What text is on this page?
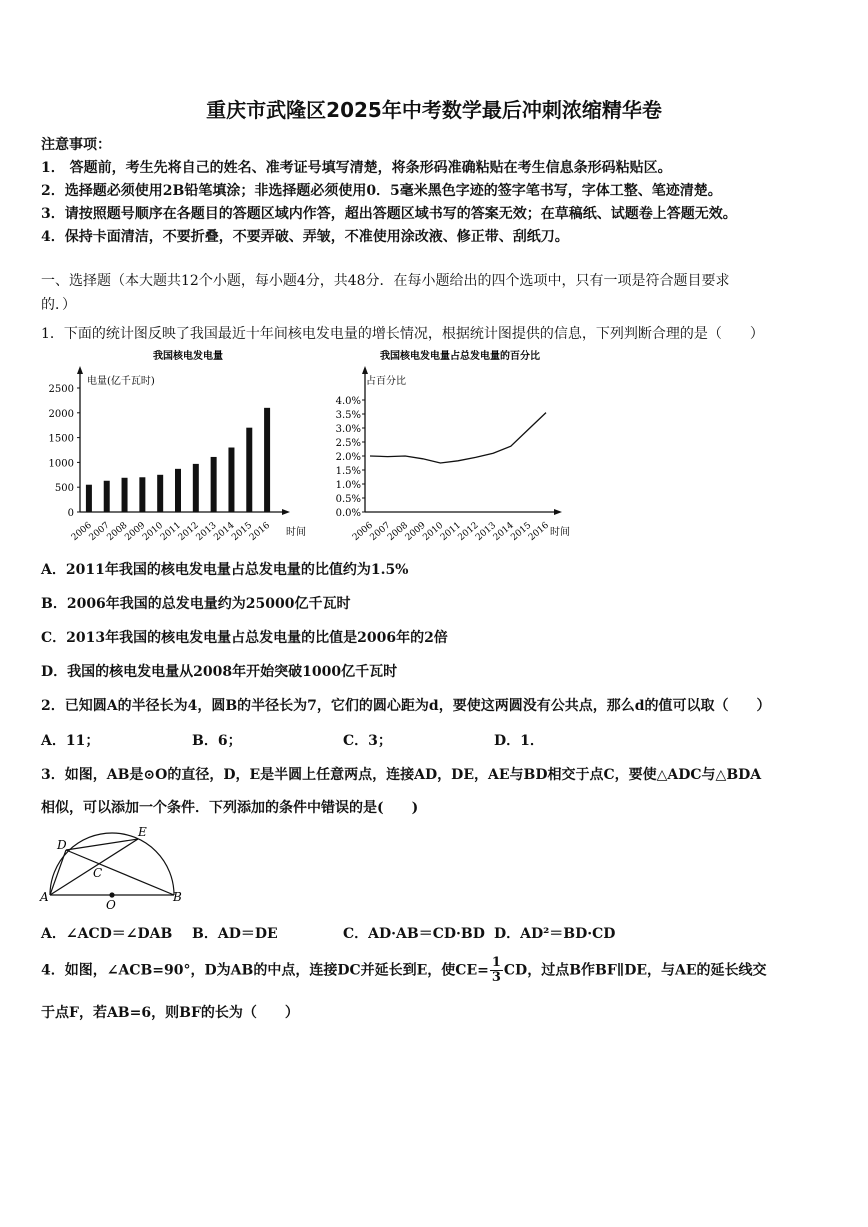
重庆市武隆区2025年中考数学最后冲刺浓缩精华卷
注意事项：
1． 答题前，考生先将自己的姓名、准考证号填写清楚，将条形码准确粘贴在考生信息条形码粘贴区。
2．选择题必须使用2B铅笔填涂；非选择题必须使用0．5毫米黑色字迹的签字笔书写，字体工整、笔迹清楚。
3．请按照题号顺序在各题目的答题区域内作答，超出答题区域书写的答案无效；在草稿纸、试题卷上答题无效。
4．保持卡面清洁，不要折叠，不要弄破、弄皱，不准使用涂改液、修正带、刮纸刀。
一、选择题（本大题共12个小题，每小题4分，共48分．在每小题给出的四个选项中，只有一项是符合题目要求
的．）
1．下面的统计图反映了我国最近十年间核电发电量的增长情况，根据统计图提供的信息，下列判断合理的是（　　）
我国核电发电量
电量(亿千瓦时)
时间
0
500
1000
1500
2000
2500
2006
2007
2008
2009
2010
2011
2012
2013
2014
2015
2016
我国核电发电量占总发电量的百分比
占百分比
时间
0.0%
0.5%
1.0%
1.5%
2.0%
2.5%
3.0%
3.5%
4.0%
2006
2007
2008
2009
2010
2011
2012
2013
2014
2015
2016
A．2011年我国的核电发电量占总发电量的比值约为1.5%
B．2006年我国的总发电量约为25000亿千瓦时
C．2013年我国的核电发电量占总发电量的比值是2006年的2倍
D．我国的核电发电量从2008年开始突破1000亿千瓦时
2．已知圆A的半径长为4，圆B的半径长为7，它们的圆心距为d，要使这两圆没有公共点，那么d的值可以取（　　）
A．11；	B．6；	C．3；	D．1．
3．如图，AB是⊙O的直径，D，E是半圆上任意两点，连接AD，DE，AE与BD相交于点C，要使△ADC与△BDA
相似，可以添加一个条件．下列添加的条件中错误的是(　　)
D
E
C
A	B
O
A．∠ACD＝∠DAB B．AD＝DE	C．AD·AB＝CD·BD D．AD²＝BD·CD
4．如图，∠ACB=90°，D为AB的中点，连接DC并延长到E，使$CE= \frac{1}{3}$ CD，过点B作BF∥DE，与AE的延长线交
于点F，若AB=6，则BF的长为（　　）
